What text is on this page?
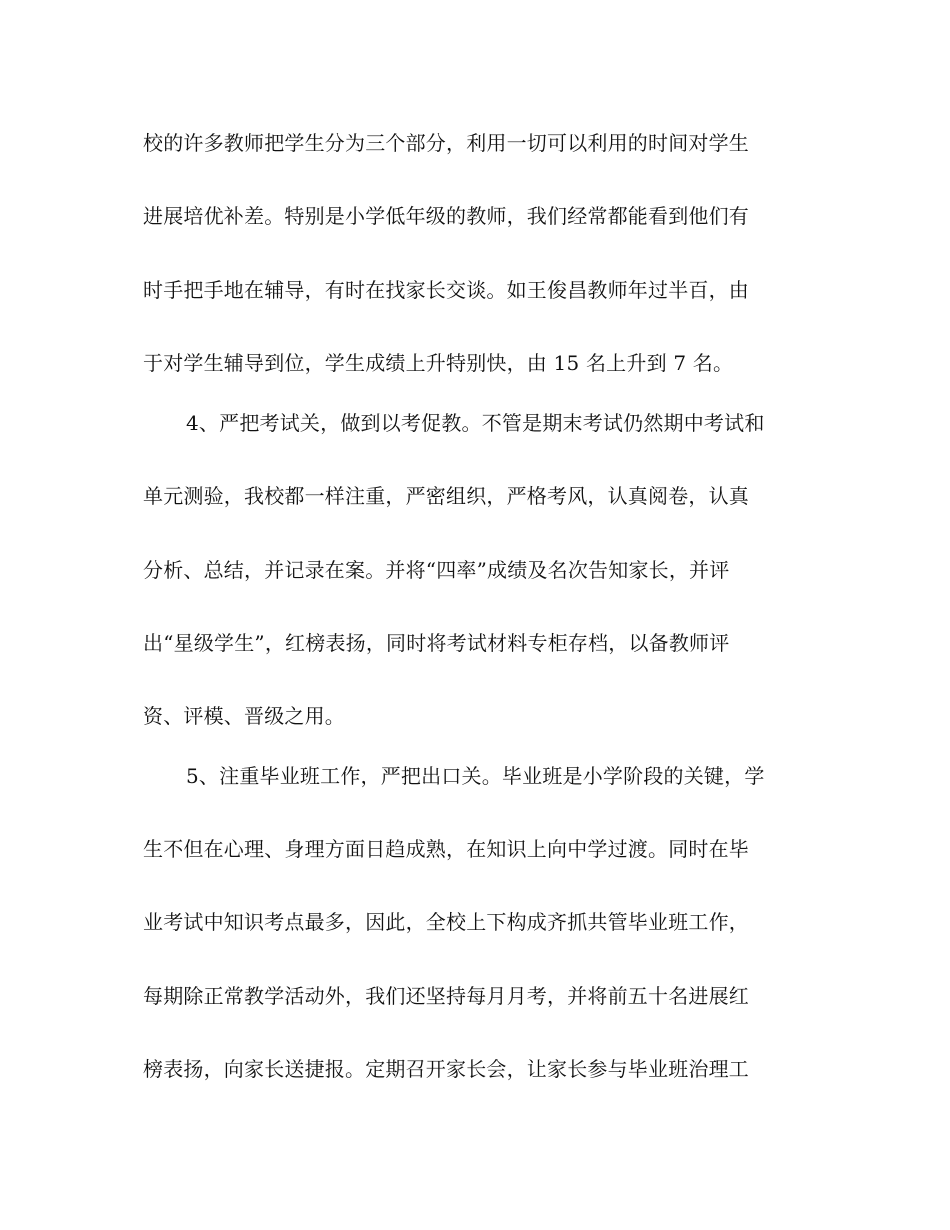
校的许多教师把学生分为三个部分，利用一切可以利用的时间对学生
进展培优补差。特别是小学低年级的教师，我们经常都能看到他们有
时手把手地在辅导，有时在找家长交谈。如王俊昌教师年过半百，由
于对学生辅导到位，学生成绩上升特别快，由 15 名上升到 7 名。
4、严把考试关，做到以考促教。不管是期末考试仍然期中考试和
单元测验，我校都一样注重，严密组织，严格考风，认真阅卷，认真
分析、总结，并记录在案。并将“四率”成绩及名次告知家长，并评
出“星级学生”，红榜表扬，同时将考试材料专柜存档，以备教师评
资、评模、晋级之用。
5、注重毕业班工作，严把出口关。毕业班是小学阶段的关键，学
生不但在心理、身理方面日趋成熟，在知识上向中学过渡。同时在毕
业考试中知识考点最多，因此，全校上下构成齐抓共管毕业班工作，
每期除正常教学活动外，我们还坚持每月月考，并将前五十名进展红
榜表扬，向家长送捷报。定期召开家长会，让家长参与毕业班治理工
